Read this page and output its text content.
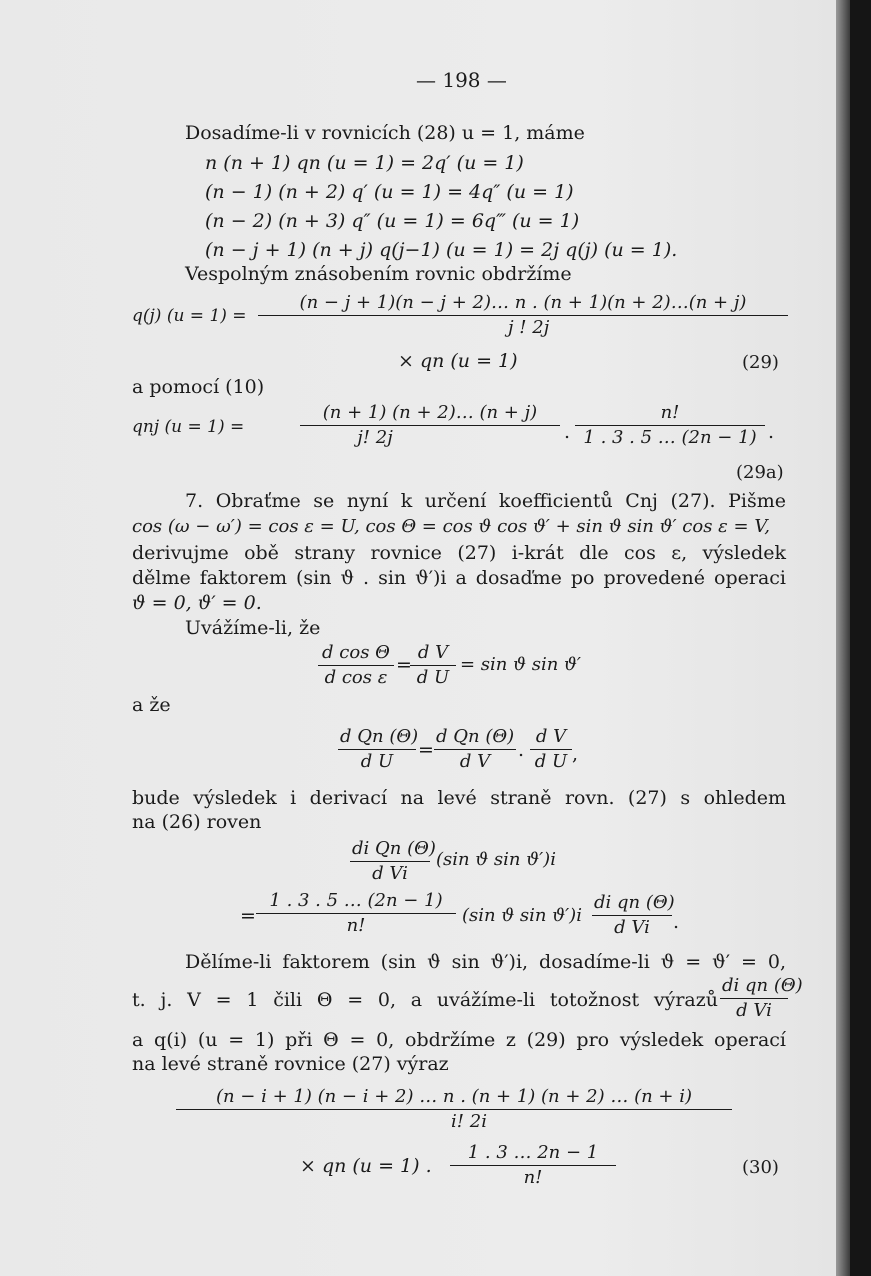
— 198 —
Dosadíme-li v rovnicích (28) u = 1, máme
n (n + 1) qn (u = 1) = 2q′ (u = 1)
(n − 1) (n + 2) q′ (u = 1) = 4q″ (u = 1)
(n − 2) (n + 3) q″ (u = 1) = 6q‴ (u = 1)
(n − j + 1) (n + j) q(j−1) (u = 1) = 2j q(j) (u = 1).
Vespolným znásobením rovnic obdržíme
q(j) $(u = 1) = \frac{(n - j + 1)(n - j + 2)\dots n . (n + 1)(n + 2)\dots(n + j)}{j ! 2j}$
× qn (u = 1)	(29)
a pomocí (10)
qnj (u = 1) =	$\frac{(n + 1) (n + 2)\dots (n + j)}{j! 2j}$ . $\frac{n!}{1 . 3 . 5 \dots (2n - 1)}$ .
(29a)
7. Obraťme se nyní k určení koefficientů Cnj (27). Pišme
cos (ω − ω′) = cos ε = U, cos Θ = cos ϑ cos ϑ′ + sin ϑ sin ϑ′ cos ε = V,
derivujme obě strany rovnice (27) i-krát dle cos ε, výsledek
dělme faktorem (sin ϑ . sin ϑ′)i a dosaďme po provedené operaci
ϑ = 0, ϑ′ = 0.
Uvážíme-li, že
$\frac{\text{d cos Θ}}{\text{d cos ε}}$ =
$\frac{\text{d V}}{\text{d U}} = \sin ϑ$ sin ϑ′
a že
$\frac{\text{d Qn (Θ)}}{\text{d U}} = \frac{\text{d Qn (Θ)}}{\text{d V}}$ . $\frac{\text{d V}}{\text{d U}}$ ,
bude výsledek i derivací na levé straně rovn. (27) s ohledem
na (26) roven
$\frac{\text{di Qn (Θ)}}{\text{d Vi}} (\sin$ ϑ sin ϑ′)i
= $\frac{1 . 3 . 5 \dots (2n - 1)}{n!} (\sin$ ϑ $\sin ϑ')i \frac{\text{di qn (Θ)}}{\text{d Vi}}$ .
Dělíme-li faktorem (sin ϑ sin ϑ′)i, dosadíme-li ϑ = ϑ′ = 0,
t. j. V = 1 čili Θ = 0, a uvážíme-li totožnost výrazů $\frac{\text{di qn (Θ)}}{\text{d Vi}}$
a q(i) (u = 1) při Θ = 0, obdržíme z (29) pro výsledek operací
na levé straně rovnice (27) výraz
$\frac{(n - i + 1) (n - i + 2) \dots n . (n + 1) (n + 2) \dots (n + i)}{i! 2i}$
× qn (u = 1) . $\frac{1 . 3 \dots 2n - 1}{n!}$	(30)
